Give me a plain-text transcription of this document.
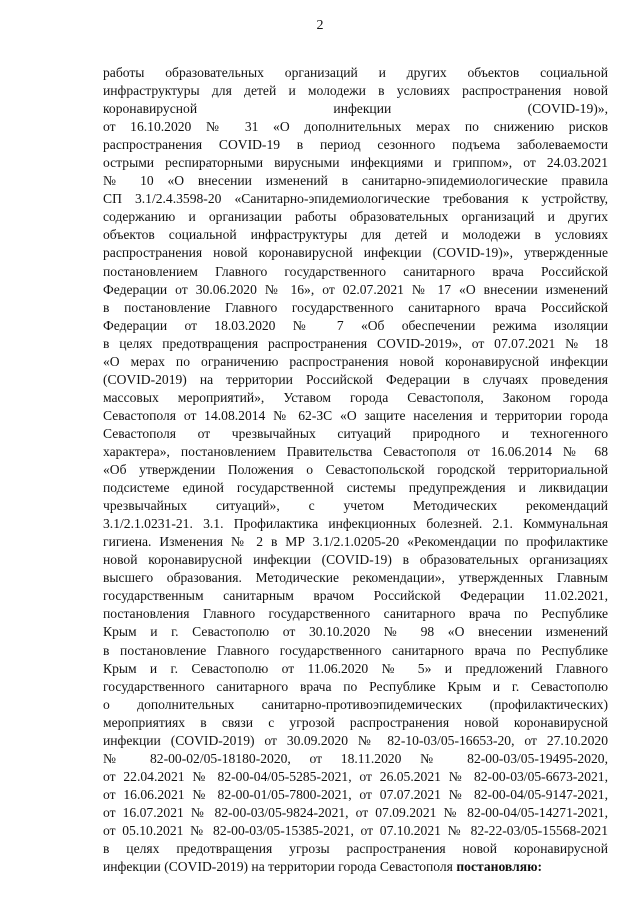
2
работы образовательных организаций и других объектов социальной
инфраструктуры для детей и молодежи в условиях распространения новой
коронавирусной инфекции (COVID-19)»,
от 16.10.2020 № 31 «О дополнительных мерах по снижению рисков
распространения COVID-19 в период сезонного подъема заболеваемости
острыми респираторными вирусными инфекциями и гриппом», от 24.03.2021
№ 10 «О внесении изменений в санитарно-эпидемиологические правила
СП 3.1/2.4.3598-20 «Санитарно-эпидемиологические требования к устройству,
содержанию и организации работы образовательных организаций и других
объектов социальной инфраструктуры для детей и молодежи в условиях
распространения новой коронавирусной инфекции (COVID-19)», утвержденные
постановлением Главного государственного санитарного врача Российской
Федерации от 30.06.2020 № 16», от 02.07.2021 № 17 «О внесении изменений
в постановление Главного государственного санитарного врача Российской
Федерации от 18.03.2020 № 7 «Об обеспечении режима изоляции
в целях предотвращения распространения COVID-2019», от 07.07.2021 № 18
«О мерах по ограничению распространения новой коронавирусной инфекции
(COVID-2019) на территории Российской Федерации в случаях проведения
массовых мероприятий», Уставом города Севастополя, Законом города
Севастополя от 14.08.2014 № 62-ЗС «О защите населения и территории города
Севастополя от чрезвычайных ситуаций природного и техногенного
характера», постановлением Правительства Севастополя от 16.06.2014 № 68
«Об утверждении Положения о Севастопольской городской территориальной
подсистеме единой государственной системы предупреждения и ликвидации
чрезвычайных ситуаций», с учетом Методических рекомендаций
3.1/2.1.0231-21. 3.1. Профилактика инфекционных болезней. 2.1. Коммунальная
гигиена. Изменения № 2 в МР 3.1/2.1.0205-20 «Рекомендации по профилактике
новой коронавирусной инфекции (COVID-19) в образовательных организациях
высшего образования. Методические рекомендации», утвержденных Главным
государственным санитарным врачом Российской Федерации 11.02.2021,
постановления Главного государственного санитарного врача по Республике
Крым и г. Севастополю от 30.10.2020 № 98 «О внесении изменений
в постановление Главного государственного санитарного врача по Республике
Крым и г. Севастополю от 11.06.2020 № 5» и предложений Главного
государственного санитарного врача по Республике Крым и г. Севастополю
о дополнительных санитарно-противоэпидемических (профилактических)
мероприятиях в связи с угрозой распространения новой коронавирусной
инфекции (COVID-2019) от 30.09.2020 № 82-10-03/05-16653-20, от 27.10.2020
№ 82-00-02/05-18180-2020, от 18.11.2020 № 82-00-03/05-19495-2020,
от 22.04.2021 № 82-00-04/05-5285-2021, от 26.05.2021 № 82-00-03/05-6673-2021,
от 16.06.2021 № 82-00-01/05-7800-2021, от 07.07.2021 № 82-00-04/05-9147-2021,
от 16.07.2021 № 82-00-03/05-9824-2021, от 07.09.2021 № 82-00-04/05-14271-2021,
от 05.10.2021 № 82-00-03/05-15385-2021, от 07.10.2021 № 82-22-03/05-15568-2021
в целях предотвращения угрозы распространения новой коронавирусной
инфекции (COVID-2019) на территории города Севастополя постановляю:
